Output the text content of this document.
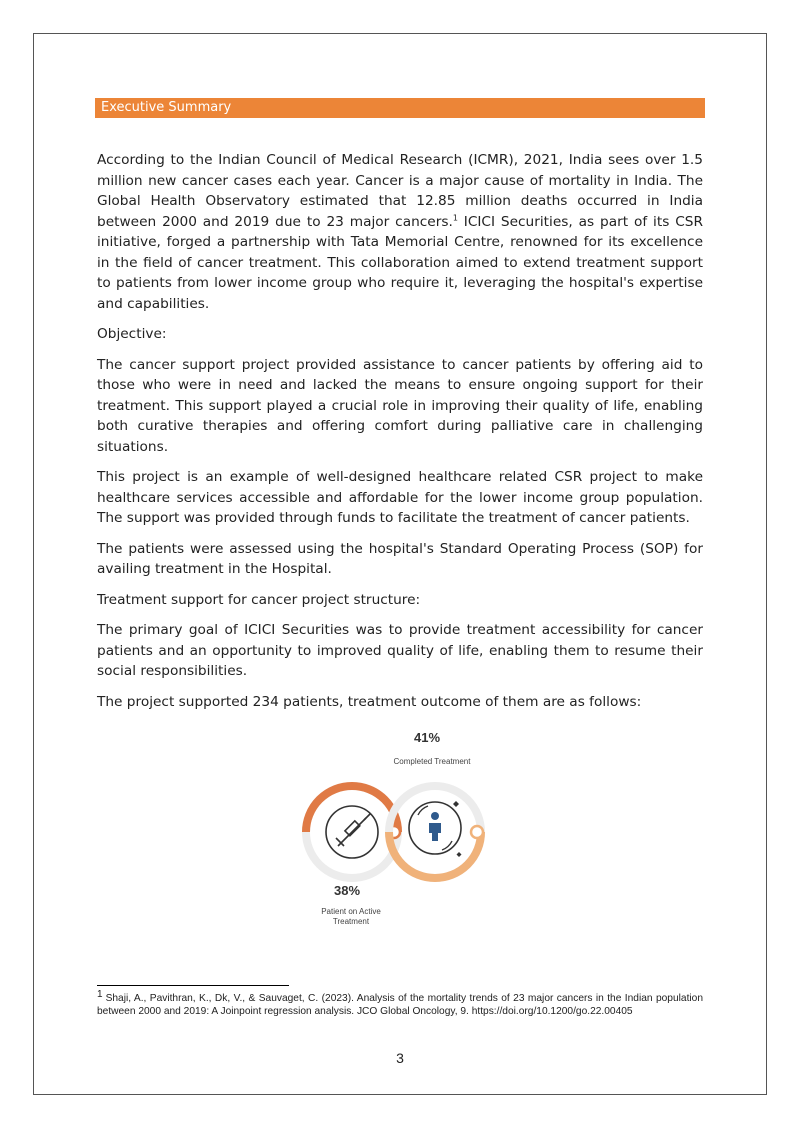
Executive Summary

According to the Indian Council of Medical Research (ICMR), 2021, India sees over 1.5 million new cancer cases each year. Cancer is a major cause of mortality in India. The Global Health Observatory estimated that 12.85 million deaths occurred in India between 2000 and 2019 due to 23 major cancers.$^1$ ICICI Securities, as part of its CSR initiative, forged a partnership with Tata Memorial Centre, renowned for its excellence in the field of cancer treatment. This collaboration aimed to extend treatment support to patients from lower income group who require it, leveraging the hospital's expertise and capabilities.

Objective:

The cancer support project provided assistance to cancer patients by offering aid to those who were in need and lacked the means to ensure ongoing support for their treatment. This support played a crucial role in improving their quality of life, enabling both curative therapies and offering comfort during palliative care in challenging situations.

This project is an example of well-designed healthcare related CSR project to make healthcare services accessible and affordable for the lower income group population. The support was provided through funds to facilitate the treatment of cancer patients.

The patients were assessed using the hospital's Standard Operating Process (SOP) for availing treatment in the Hospital.

Treatment support for cancer project structure:

The primary goal of ICICI Securities was to provide treatment accessibility for cancer patients and an opportunity to improved quality of life, enabling them to resume their social responsibilities.

The project supported 234 patients, treatment outcome of them are as follows:

41%
Completed Treatment
38%
Patient on Active
Treatment
1 Shaji, A., Pavithran, K., Dk, V., & Sauvaget, C. (2023). Analysis of the mortality trends of 23 major cancers in the Indian population between 2000 and 2019: A Joinpoint regression analysis. JCO Global Oncology, 9. https://doi.org/10.1200/go.22.00405
3
